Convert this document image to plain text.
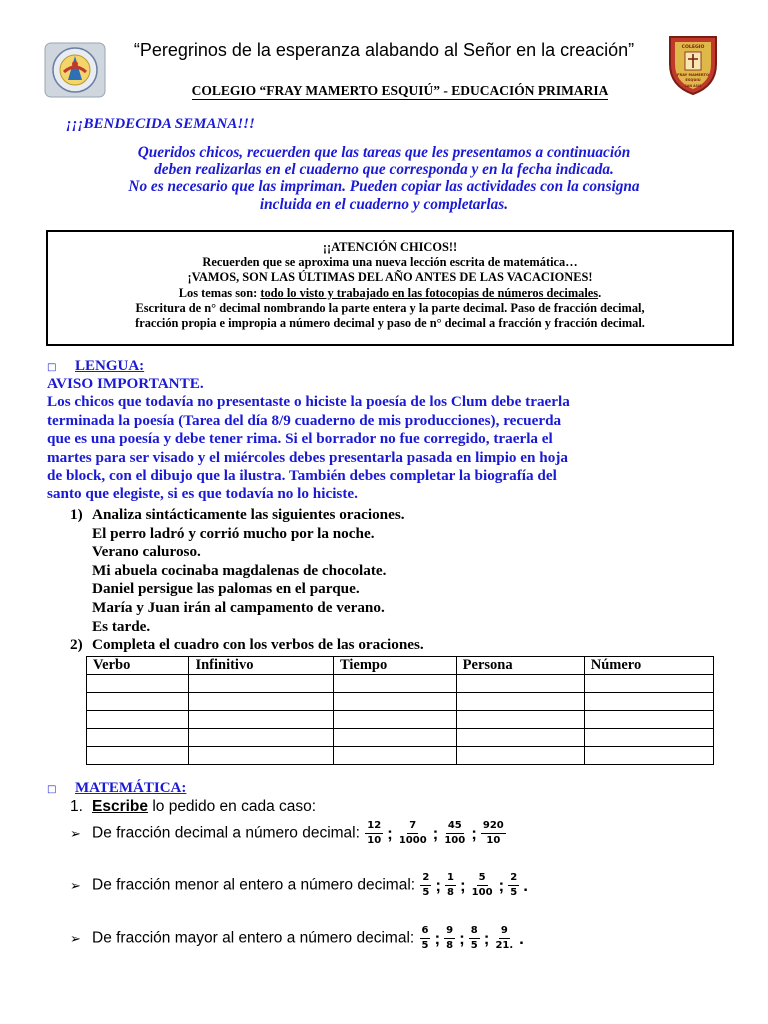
“Peregrinos de la esperanza alabando al Señor en la creación”	COLEGIO
FRAY MAMERTO
ESQUIÚ
SAN ASIS
COLEGIO “FRAY MAMERTO ESQUIÚ” - EDUCACIÓN PRIMARIA
¡¡¡BENDECIDA SEMANA!!!
Queridos chicos, recuerden que las tareas que les presentamos a continuación
deben realizarlas en el cuaderno que corresponda y en la fecha indicada.
No es necesario que las impriman. Pueden copiar las actividades con la consigna
incluida en el cuaderno y completarlas.
¡¡ATENCIÓN CHICOS!!
Recuerden que se aproxima una nueva lección escrita de matemática…
¡VAMOS, SON LAS ÚLTIMAS DEL AÑO ANTES DE LAS VACACIONES!
Los temas son: todo lo visto y trabajado en las fotocopias de números decimales.
Escritura de n° decimal nombrando la parte entera y la parte decimal. Paso de fracción decimal,
fracción propia e impropia a número decimal y paso de n° decimal a fracción y fracción decimal.
□ LENGUA:
AVISO IMPORTANTE.
Los chicos que todavía no presentaste o hiciste la poesía de los Clum debe traerla
terminada la poesía (Tarea del día 8/9 cuaderno de mis producciones), recuerda
que es una poesía y debe tener rima. Si el borrador no fue corregido, traerla el
martes para ser visado y el miércoles debes presentarla pasada en limpio en hoja
de block, con el dibujo que la ilustra. También debes completar la biografía del
santo que elegiste, si es que todavía no lo hiciste.
1) Analiza sintácticamente las siguientes oraciones.
El perro ladró y corrió mucho por la noche.
Verano caluroso.
Mi abuela cocinaba magdalenas de chocolate.
Daniel persigue las palomas en el parque.
María y Juan irán al campamento de verano.
Es tarde.
2) Completa el cuadro con los verbos de las oraciones.
Verbo	Infinitivo	Tiempo	Persona	Número

□ MATEMÁTICA:
1. Escribe lo pedido en cada caso:
➢ De fracción decimal a número decimal: $\frac{12}{10}$ ; $\frac{7}{1000}$ ; $\frac{45}{100}$ ; $\frac{920}{10}$
➢ De fracción menor al entero a número decimal: $\frac{2}{5}$ ; $\frac{1}{8}$ ; $\frac{5}{100}$ ; $\frac{2}{5}$ .
➢ De fracción mayor al entero a número decimal: $\frac{6}{5}$ ; $\frac{9}{8}$ ; $\frac{8}{5}$ ; $\frac{9}{21.}$ .
